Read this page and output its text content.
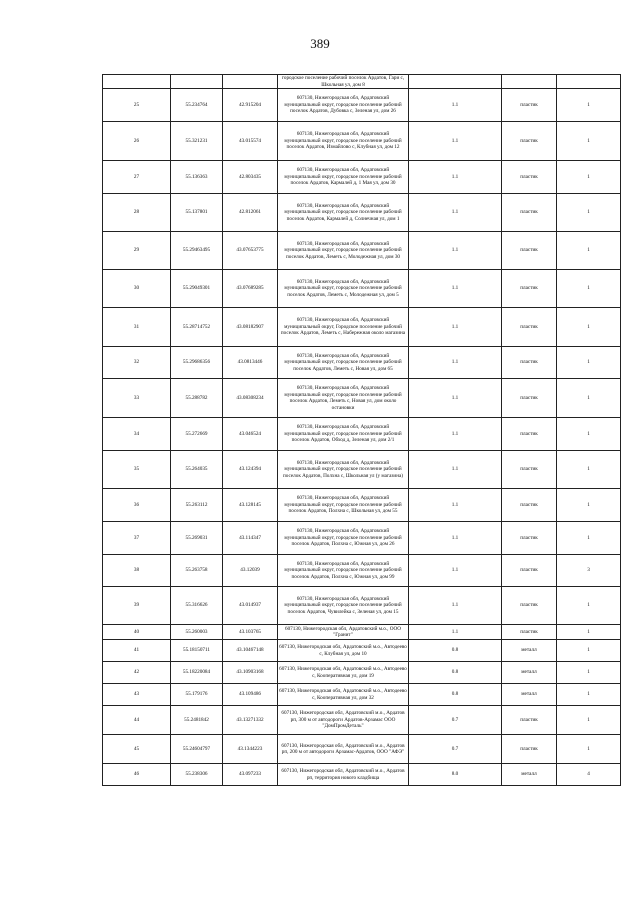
389
			городское поселение рабочий поселок Ардатов, Гари с, Школьная ул, дом 8			
25	55.234764	42.915204	607130, Нижегородская обл, Ардатовский муниципальный округ, городское поселение рабочий поселок Ардатов, Дубовка с, Зеленая ул, дом 26	1.1	пластик	1
26	55.321231	43.015574	607130, Нижегородская обл, Ардатовский муниципальный округ, городское поселение рабочий поселок Ардатов, Измайлово с, Клубная ул, дом 12	1.1	пластик	1
27	55.136363	42.803435	607130, Нижегородская обл, Ардатовский муниципальный округ, городское поселение рабочий поселок Ардатов, Кармалей д, 1 Мая ул, дом 30	1.1	пластик	1
28	55.137801	42.812061	607130, Нижегородская обл, Ардатовский муниципальный округ, городское поселение рабочий поселок Ардатов, Кармалей д, Солнечная ул, дом 1	1.1	пластик	1
29	55.29463495	43.07653775	607130, Нижегородская обл, Ардатовский муниципальный округ, городское поселение рабочий поселок Ардатов, Леметь с, Молодежная ул, дом 30	1.1	пластик	1
30	55.29049301	43.07689285	607130, Нижегородская обл, Ардатовский муниципальный округ, городское поселение рабочий поселок Ардатов, Леметь с, Молодежная ул, дом 5	1.1	пластик	1
31	55.28714752	43.08182907	607130, Нижегородская обл, Ардатовский муниципальный округ, Городское поселение рабочий поселок Ардатов, Леметь с, Набережная около магазина	1.1	пластик	1
32	55.29686356	43.0813446	607130, Нижегородская обл, Ардатовский муниципальный округ, городское поселение рабочий поселок Ардатов, Леметь с, Новая ул, дом 65	1.1	пластик	1
33	55.288782	43.08308234	607130, Нижегородская обл, Ардатовский муниципальный округ, городское поселение рабочий поселок Ардатов, Леметь с, Новая ул, дом около остановки	1.1	пластик	1
34	55.272669	43.046524	607130, Нижегородская обл, Ардатовский муниципальный округ, городское поселение рабочий поселок Ардатов, Обход д, Зеленая ул, дом 2/1	1.1	пластик	1
35	55.264035	43.124394	607130, Нижегородская обл, Ардатовский муниципальный округ, городское поселение рабочий поселок Ардатов, Полхна с, Школьная ул (у магазина)	1.1	пластик	1
36	55.263112	43.128145	607130, Нижегородская обл, Ардатовский муниципальный округ, городское поселение рабочий поселок Ардатов, Полхна с, Школьная ул, дом 55	1.1	пластик	1
37	55.269031	43.114347	607130, Нижегородская обл, Ардатовский муниципальный округ, городское поселение рабочий поселок Ардатов, Полхна с, Южная ул, дом 26	1.1	пластик	1
38	55.263758	43.12039	607130, Нижегородская обл, Ардатовский муниципальный округ, городское поселение рабочий поселок Ардатов, Полхна с, Южная ул, дом 99	1.1	пластик	3
39	55.316626	43.014937	607130, Нижегородская обл, Ардатовский муниципальный округ, городское поселение рабочий поселок Ардатов, Чувилейка с, Зеленая ул, дом 15	1.1	пластик	1
40	55.260003	43.103765	607130, Нижегородская обл, Ардатовский м.о., ООО "Гранит"	1.1	пластик	1
41	55.18150711	43.10467148	607130, Нижегородская обл, Ардатовский м.о., Автодеево с, Клубная ул, дом 10	0.8	металл	1
42	55.18220084	43.10903168	607130, Нижегородская обл, Ардатовский м.о., Автодеево с, Кооперативная ул, дом 19	0.8	металл	1
43	55.179176	43.109486	607130, Нижегородская обл, Ардатовский м.о., Автодеево с, Кооперативная ул, дом 32	0.8	металл	1
44	55.2481842	43.13271332	607130, Нижегородская обл, Ардатовский м.о., Ардатов рп, 300 м от автодороги Ардатов-Арзамас ООО "ДомПромДеталь"	0.7	пластик	1
45	55.24604797	43.1344223	607130, Нижегородская обл, Ардатовский м.о., Ардатов рп, 200 м от автодороги Арзамас-Ардатов, ООО "АФЭ"	0.7	пластик	1
46	55.238306	43.097233	607130, Нижегородская обл, Ардатовский м.о., Ардатов рп, территория нового кладбища	8.0	металл	4
